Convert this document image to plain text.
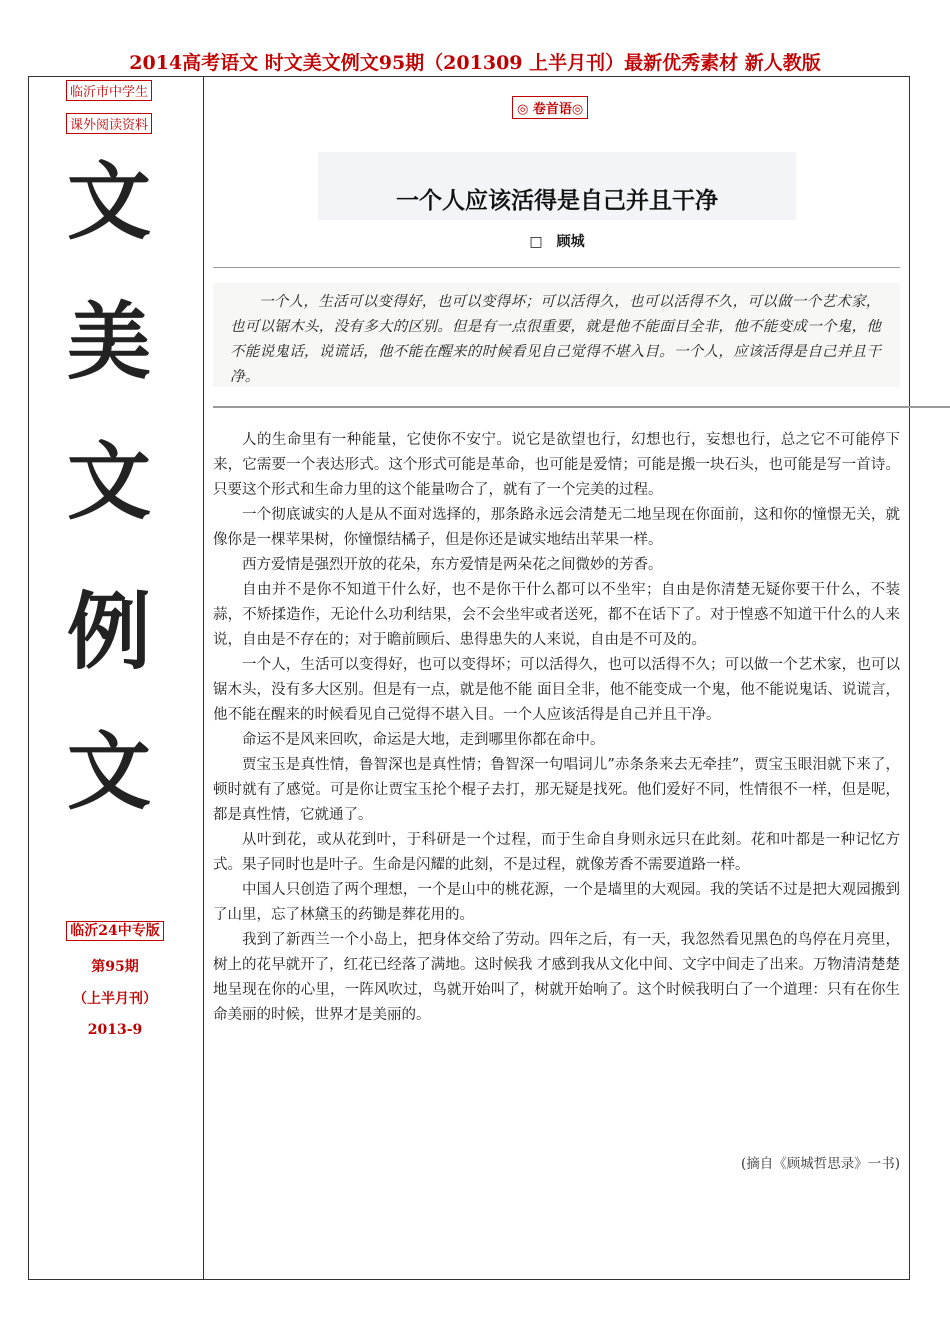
2014高考语文 时文美文例文95期（201309 上半月刊）最新优秀素材 新人教版
临沂市中学生
课外阅读资料
文
美
文
例
文
临沂24中专版
第95期
（上半月刊）
2013-9
◎ 卷首语◎
一个人应该活得是自己并且干净
□　顾城
一个人，生活可以变得好，也可以变得坏；可以活得久，也可以活得不久，可以做一个艺术家，也可以锯木头，没有多大的区别。但是有一点很重要，就是他不能面目全非，他不能变成一个鬼，他不能说鬼话，说谎话，他不能在醒来的时候看见自己觉得不堪入目。一个人，应该活得是自己并且干净。

人的生命里有一种能量，它使你不安宁。说它是欲望也行，幻想也行，妄想也行，总之它不可能停下来，它需要一个表达形式。这个形式可能是革命，也可能是爱情；可能是搬一块石头，也可能是写一首诗。只要这个形式和生命力里的这个能量吻合了，就有了一个完美的过程。

一个彻底诚实的人是从不面对选择的，那条路永远会清楚无二地呈现在你面前，这和你的憧憬无关，就像你是一棵苹果树，你憧憬结橘子，但是你还是诚实地结出苹果一样。

西方爱情是强烈开放的花朵，东方爱情是两朵花之间微妙的芳香。

自由并不是你不知道干什么好，也不是你干什么都可以不坐牢；自由是你清楚无疑你要干什么，不装蒜，不矫揉造作，无论什么功利结果，会不会坐牢或者送死，都不在话下了。对于惶惑不知道干什么的人来说，自由是不存在的；对于瞻前顾后、患得患失的人来说，自由是不可及的。

一个人，生活可以变得好，也可以变得坏；可以活得久，也可以活得不久；可以做一个艺术家，也可以锯木头，没有多大区别。但是有一点，就是他不能 面目全非，他不能变成一个鬼，他不能说鬼话、说谎言，他不能在醒来的时候看见自己觉得不堪入目。一个人应该活得是自己并且干净。

命运不是风来回吹，命运是大地，走到哪里你都在命中。

贾宝玉是真性情，鲁智深也是真性情；鲁智深一句唱词儿”赤条条来去无牵挂”，贾宝玉眼泪就下来了，顿时就有了感觉。可是你让贾宝玉抡个棍子去打，那无疑是找死。他们爱好不同，性情很不一样，但是呢，都是真性情，它就通了。

从叶到花，或从花到叶，于科研是一个过程，而于生命自身则永远只在此刻。花和叶都是一种记忆方式。果子同时也是叶子。生命是闪耀的此刻，不是过程，就像芳香不需要道路一样。

中国人只创造了两个理想，一个是山中的桃花源，一个是墙里的大观园。我的笑话不过是把大观园搬到了山里，忘了林黛玉的药锄是葬花用的。

我到了新西兰一个小岛上，把身体交给了劳动。四年之后，有一天，我忽然看见黑色的鸟停在月亮里，树上的花早就开了，红花已经落了满地。这时候我 才感到我从文化中间、文字中间走了出来。万物清清楚楚地呈现在你的心里，一阵风吹过，鸟就开始叫了，树就开始响了。这个时候我明白了一个道理：只有在你生 命美丽的时候，世界才是美丽的。

(摘自《顾城哲思录》一书)
